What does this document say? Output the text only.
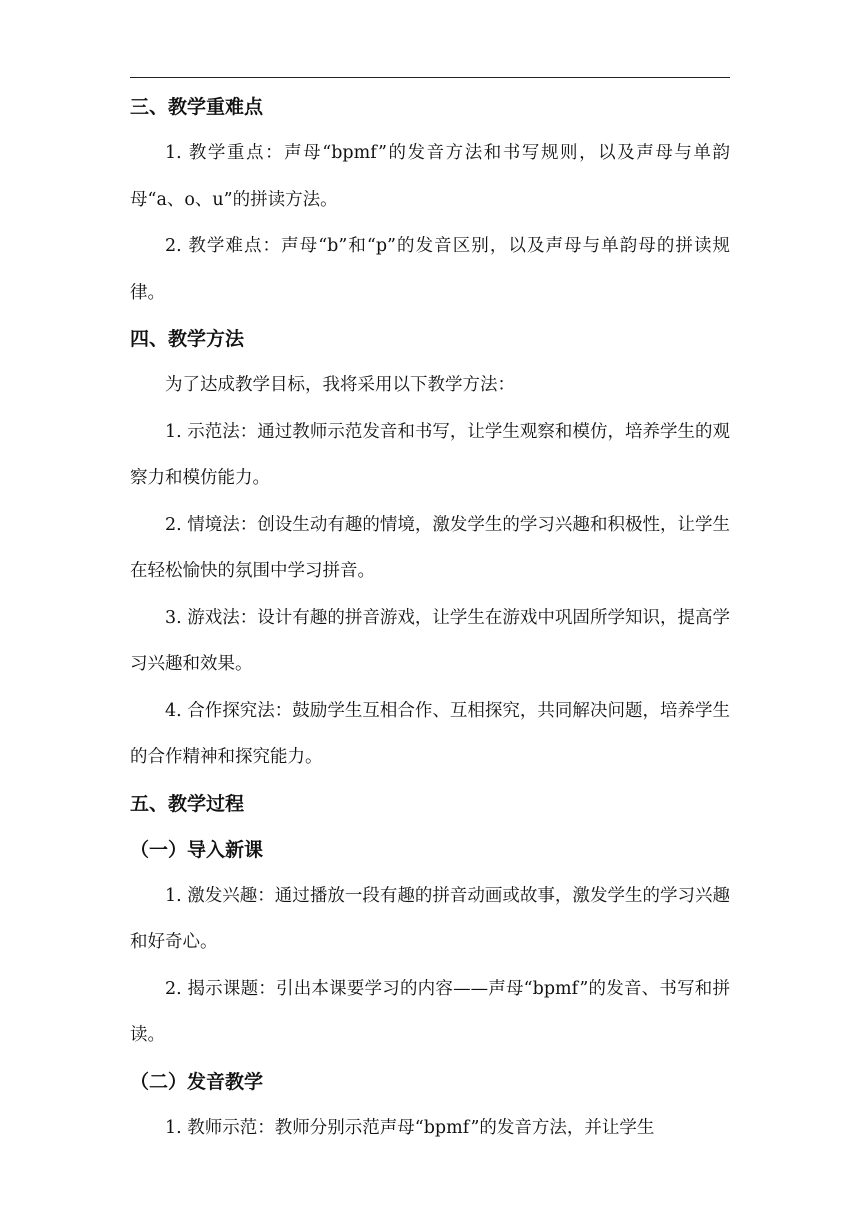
三、教学重难点
1. 教学重点：声母“bpmf”的发音方法和书写规则，以及声母与单韵母“a、o、u”的拼读方法。
2. 教学难点：声母“b”和“p”的发音区别，以及声母与单韵母的拼读规律。
四、教学方法
为了达成教学目标，我将采用以下教学方法：
1. 示范法：通过教师示范发音和书写，让学生观察和模仿，培养学生的观察力和模仿能力。
2. 情境法：创设生动有趣的情境，激发学生的学习兴趣和积极性，让学生在轻松愉快的氛围中学习拼音。
3. 游戏法：设计有趣的拼音游戏，让学生在游戏中巩固所学知识，提高学习兴趣和效果。
4. 合作探究法：鼓励学生互相合作、互相探究，共同解决问题，培养学生的合作精神和探究能力。
五、教学过程
（一）导入新课
1. 激发兴趣：通过播放一段有趣的拼音动画或故事，激发学生的学习兴趣和好奇心。
2. 揭示课题：引出本课要学习的内容——声母“bpmf”的发音、书写和拼读。
（二）发音教学
1. 教师示范：教师分别示范声母“bpmf”的发音方法，并让学生
